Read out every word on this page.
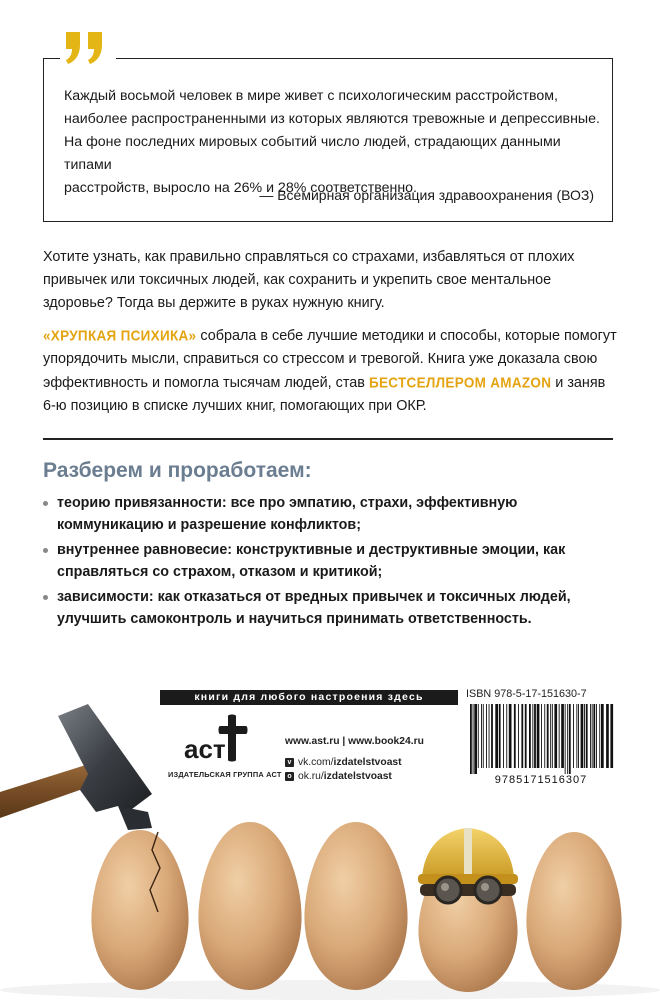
Каждый восьмой человек в мире живет с психологическим расстройством,
наиболее распространенными из которых являются тревожные и депрессивные.
На фоне последних мировых событий число людей, страдающих данными типами
расстройств, выросло на 26% и 28% соответственно.
— Всемирная организация здравоохранения (ВОЗ)
Хотите узнать, как правильно справляться со страхами, избавляться от плохих
привычек или токсичных людей, как сохранить и укрепить свое ментальное
здоровье? Тогда вы держите в руках нужную книгу.
«ХРУПКАЯ ПСИХИКА» собрала в себе лучшие методики и способы, которые помогут
упорядочить мысли, справиться со стрессом и тревогой. Книга уже доказала свою
эффективность и помогла тысячам людей, став БЕСТСЕЛЛЕРОМ AMAZON и заняв
6-ю позицию в списке лучших книг, помогающих при ОКР.
Разберем и проработаем:
теорию привязанности: все про эмпатию, страхи, эффективную
коммуникацию и разрешение конфликтов;
внутреннее равновесие: конструктивные и деструктивные эмоции, как
справляться со страхом, отказом и критикой;
зависимости: как отказаться от вредных привычек и токсичных людей,
улучшить самоконтроль и научиться принимать ответственность.
книги для любого настроения здесь
аст
ИЗДАТЕЛЬСКАЯ ГРУППА АСТ
www.ast.ru | www.book24.ru
v vk.com/ izdatelstvoast
o ok.ru/ izdatelstvoast
ISBN 978-5-17-151630-7
9785171516307
